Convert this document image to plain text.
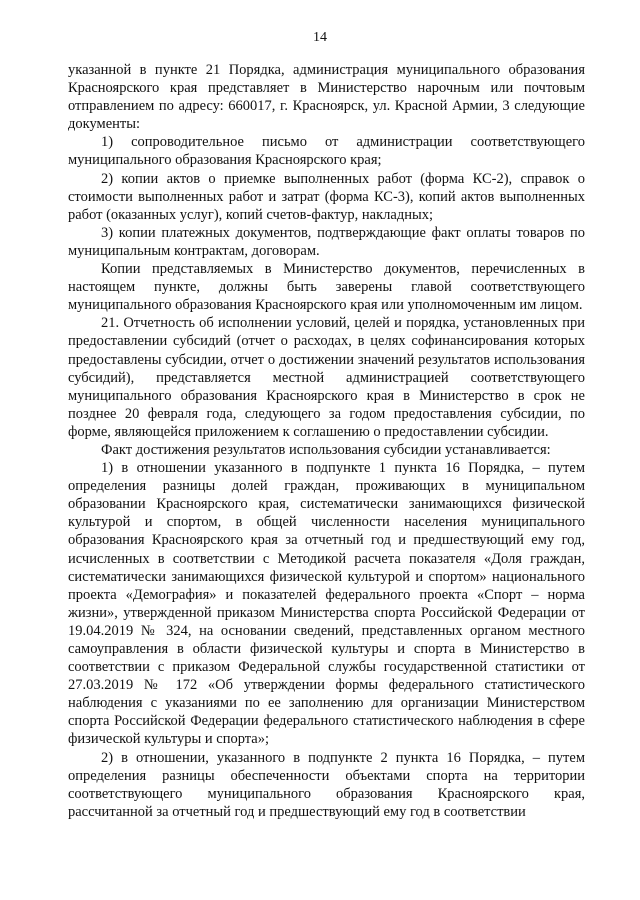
14

указанной в пункте 21 Порядка, администрация муниципального образования Красноярского края представляет в Министерство нарочным или почтовым отправлением по адресу: 660017, г. Красноярск, ул. Красной Армии, 3 следующие документы:

1) сопроводительное письмо от администрации соответствующего муниципального образования Красноярского края;

2) копии актов о приемке выполненных работ (форма КС-2), справок о стоимости выполненных работ и затрат (форма КС-3), копий актов выполненных работ (оказанных услуг), копий счетов-фактур, накладных;

3) копии платежных документов, подтверждающие факт оплаты товаров по муниципальным контрактам, договорам.

Копии представляемых в Министерство документов, перечисленных в настоящем пункте, должны быть заверены главой соответствующего муниципального образования Красноярского края или уполномоченным им лицом.

21. Отчетность об исполнении условий, целей и порядка, установленных при предоставлении субсидий (отчет о расходах, в целях софинансирования которых предоставлены субсидии, отчет о достижении значений результатов использования субсидий), представляется местной администрацией соответствующего муниципального образования Красноярского края в Министерство в срок не позднее 20 февраля года, следующего за годом предоставления субсидии, по форме, являющейся приложением к соглашению о предоставлении субсидии.

Факт достижения результатов использования субсидии устанавливается:

1) в отношении указанного в подпункте 1 пункта 16 Порядка, – путем определения разницы долей граждан, проживающих в муниципальном образовании Красноярского края, систематически занимающихся физической культурой и спортом, в общей численности населения муниципального образования Красноярского края за отчетный год и предшествующий ему год, исчисленных в соответствии с Методикой расчета показателя «Доля граждан, систематически занимающихся физической культурой и спортом» национального проекта «Демография» и показателей федерального проекта «Спорт – норма жизни», утвержденной приказом Министерства спорта Российской Федерации от 19.04.2019 № 324, на основании сведений, представленных органом местного самоуправления в области физической культуры и спорта в Министерство в соответствии с приказом Федеральной службы государственной статистики от 27.03.2019 № 172 «Об утверждении формы федерального статистического наблюдения с указаниями по ее заполнению для организации Министерством спорта Российской Федерации федерального статистического наблюдения в сфере физической культуры и спорта»;

2) в отношении, указанного в подпункте 2 пункта 16 Порядка, – путем определения разницы обеспеченности объектами спорта на территории соответствующего муниципального образования Красноярского края, рассчитанной за отчетный год и предшествующий ему год в соответствии
